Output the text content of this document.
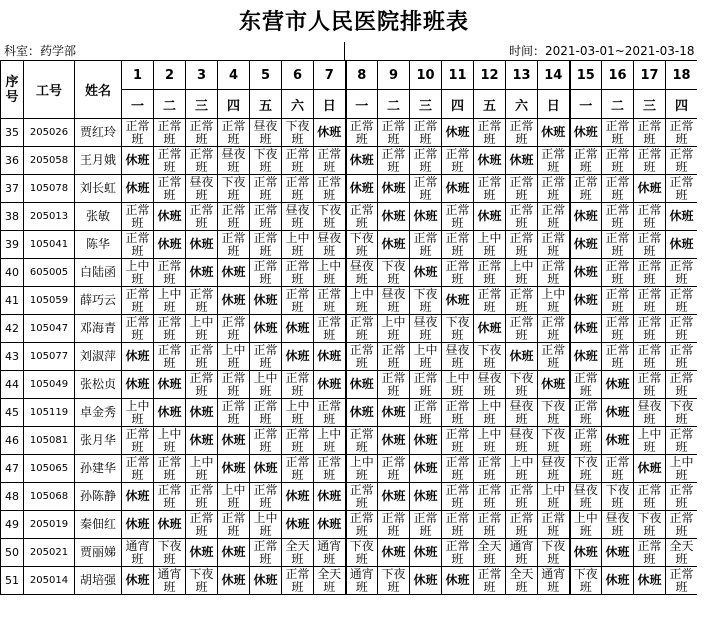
东营市人民医院排班表
科室：药学部	时间：2021-03-01~2021-03-18
序号	工号	姓名	1	2	3	4	5	6	7	8	9	10	11	12	13	14	15	16	17	18
			一	二	三	四	五	六	日	一	二	三	四	五	六	日	一	二	三	四
35	205026	贾红玲	正常班	正常班	正常班	正常班	昼夜班	下夜班	休班	正常班	正常班	正常班	休班	正常班	正常班	休班	休班	正常班	正常班	正常班
36	205058	王月娥	休班	正常班	正常班	昼夜班	下夜班	正常班	正常班	休班	正常班	正常班	正常班	休班	休班	正常班	正常班	正常班	正常班	正常班
37	105078	刘长虹	休班	正常班	昼夜班	下夜班	正常班	正常班	正常班	休班	休班	正常班	休班	正常班	正常班	正常班	正常班	正常班	休班	正常班
38	205013	张敏	正常班	休班	正常班	正常班	正常班	昼夜班	下夜班	正常班	休班	休班	正常班	休班	正常班	正常班	休班	正常班	正常班	休班
39	105041	陈华	正常班	休班	休班	正常班	正常班	上中班	昼夜班	下夜班	休班	正常班	正常班	上中班	正常班	正常班	休班	正常班	正常班	休班
40	605005	白陆函	上中班	正常班	休班	休班	正常班	正常班	上中班	昼夜班	下夜班	休班	正常班	正常班	上中班	正常班	休班	正常班	正常班	正常班
41	105059	薛巧云	正常班	上中班	正常班	休班	休班	正常班	正常班	上中班	昼夜班	下夜班	休班	正常班	正常班	上中班	休班	正常班	正常班	正常班
42	105047	邓海青	正常班	正常班	上中班	正常班	休班	休班	正常班	正常班	上中班	昼夜班	下夜班	休班	正常班	正常班	休班	正常班	正常班	正常班
43	105077	刘淑萍	休班	正常班	正常班	上中班	正常班	休班	休班	正常班	正常班	上中班	昼夜班	下夜班	休班	正常班	休班	正常班	正常班	正常班
44	105049	张松贞	休班	休班	正常班	正常班	上中班	正常班	休班	休班	正常班	正常班	上中班	昼夜班	下夜班	休班	正常班	休班	正常班	正常班
45	105119	卓金秀	上中班	休班	休班	正常班	正常班	上中班	正常班	休班	休班	正常班	正常班	上中班	昼夜班	下夜班	正常班	休班	昼夜班	下夜班
46	105081	张月华	正常班	上中班	休班	休班	正常班	正常班	上中班	正常班	休班	休班	正常班	上中班	昼夜班	下夜班	正常班	休班	上中班	正常班
47	105065	孙建华	正常班	正常班	上中班	休班	休班	正常班	正常班	上中班	正常班	休班	正常班	正常班	上中班	昼夜班	下夜班	正常班	休班	上中班
48	105068	孙陈静	休班	正常班	正常班	上中班	正常班	休班	休班	正常班	休班	休班	正常班	正常班	正常班	上中班	昼夜班	下夜班	正常班	正常班
49	205019	秦佃红	休班	休班	正常班	正常班	上中班	休班	休班	正常班	正常班	正常班	正常班	正常班	正常班	正常班	上中班	昼夜班	下夜班	正常班
50	205021	贾丽娣	通宵班	下夜班	休班	休班	正常班	全天班	通宵班	下夜班	休班	休班	正常班	全天班	通宵班	下夜班	休班	休班	正常班	全天班
51	205014	胡培强	休班	通宵班	下夜班	休班	休班	正常班	全天班	通宵班	下夜班	休班	休班	正常班	全天班	通宵班	下夜班	休班	休班	正常班
